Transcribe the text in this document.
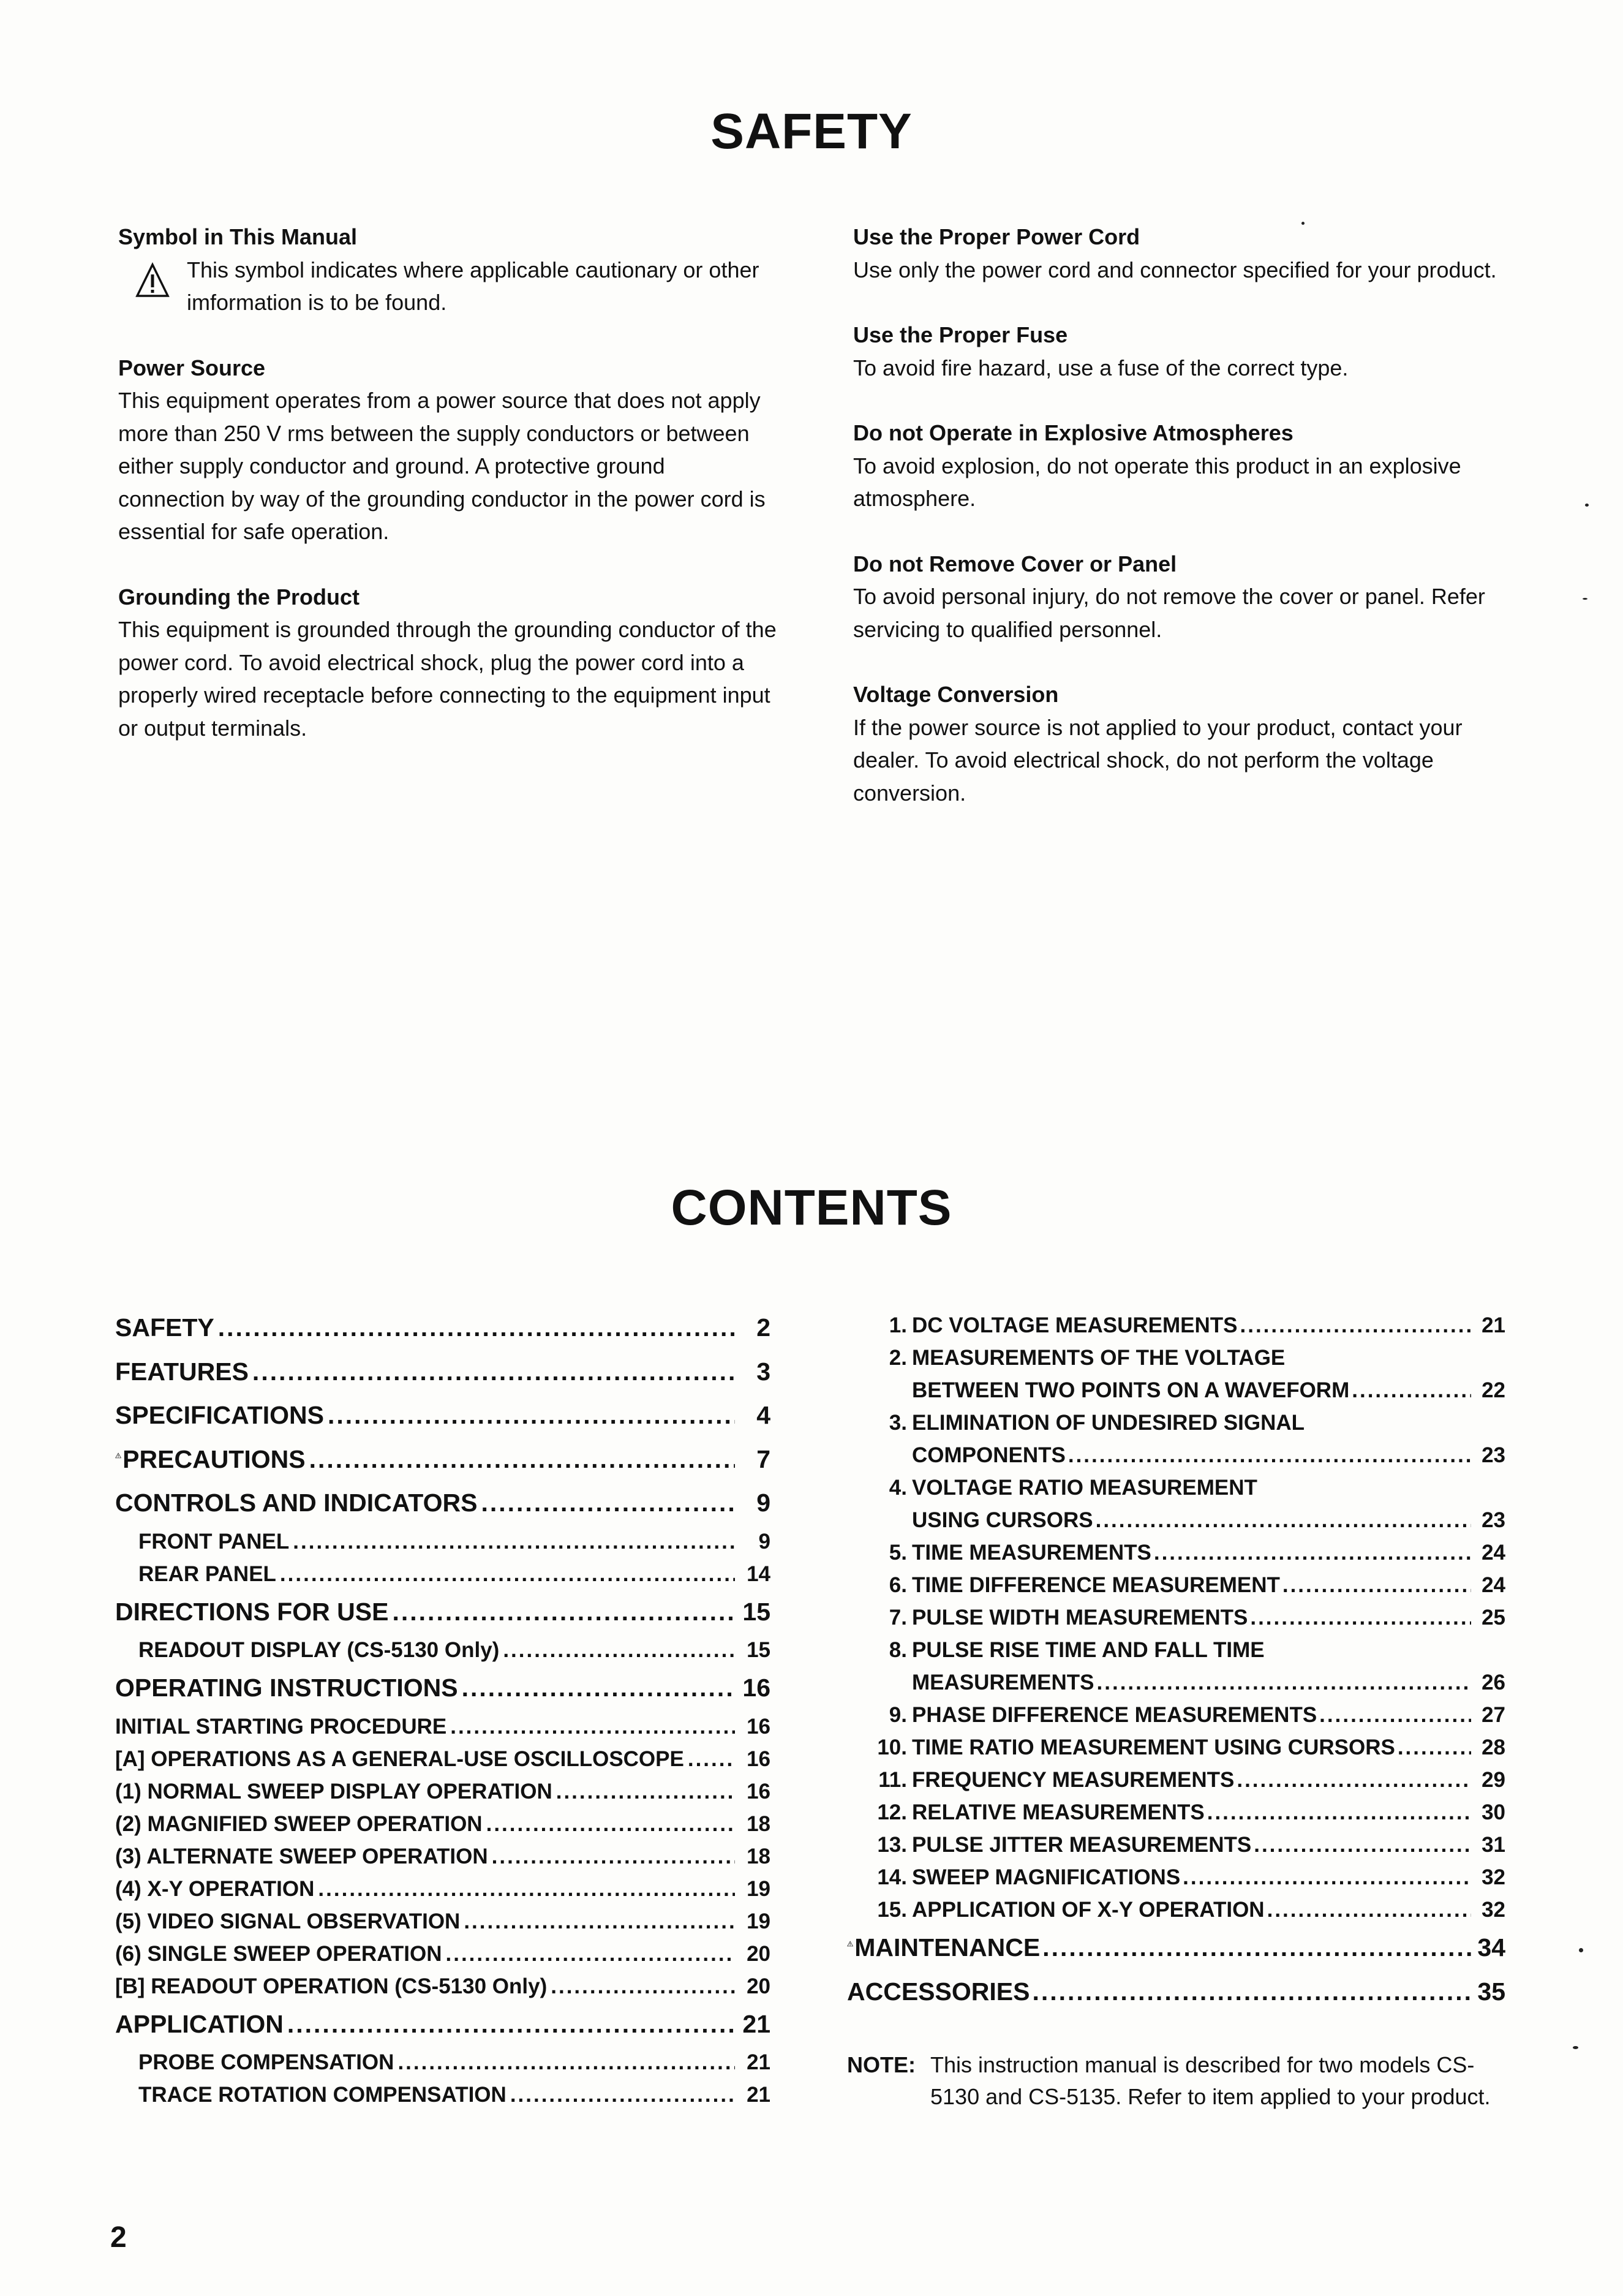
SAFETY
Symbol in This Manual

This symbol indicates where applicable cautionary or other imformation is to be found.

Power Source

This equipment operates from a power source that does not apply more than 250 V rms between the supply conductors or between either supply conductor and ground. A protective ground connection by way of the grounding conductor in the power cord is essential for safe operation.

Grounding the Product

This equipment is grounded through the grounding conductor of the power cord. To avoid electrical shock, plug the power cord into a properly wired receptacle before connecting to the equipment input or output terminals.

Use the Proper Power Cord

Use only the power cord and connector specified for your product.

Use the Proper Fuse

To avoid fire hazard, use a fuse of the correct type.

Do not Operate in Explosive Atmospheres

To avoid explosion, do not operate this product in an explosive atmosphere.

Do not Remove Cover or Panel

To avoid personal injury, do not remove the cover or panel. Refer servicing to qualified personnel.

Voltage Conversion

If the power source is not applied to your product, contact your dealer. To avoid electrical shock, do not perform the voltage conversion.

CONTENTS
SAFETY .....	2
FEATURES .....	3
SPECIFICATIONS .....	4
PRECAUTIONS .....	7
CONTROLS AND INDICATORS .....	9
FRONT PANEL .....	9
REAR PANEL .....	14
DIRECTIONS FOR USE .....	15
READOUT DISPLAY (CS-5130 Only) .....	15
OPERATING INSTRUCTIONS .....	16
INITIAL STARTING PROCEDURE .....	16
[A] OPERATIONS AS A GENERAL-USE OSCILLOSCOPE .....	16
(1) NORMAL SWEEP DISPLAY OPERATION .....	16
(2) MAGNIFIED SWEEP OPERATION .....	18
(3) ALTERNATE SWEEP OPERATION .....	18
(4) X-Y OPERATION .....	19
(5) VIDEO SIGNAL OBSERVATION .....	19
(6) SINGLE SWEEP OPERATION .....	20
[B] READOUT OPERATION (CS-5130 Only) .....	20
APPLICATION .....	21
PROBE COMPENSATION .....	21
TRACE ROTATION COMPENSATION .....	21
1. DC VOLTAGE MEASUREMENTS .....	21
2. MEASUREMENTS OF THE VOLTAGE
BETWEEN TWO POINTS ON A WAVEFORM .....	22
3. ELIMINATION OF UNDESIRED SIGNAL
COMPONENTS .....	23
4. VOLTAGE RATIO MEASUREMENT
USING CURSORS .....	23
5. TIME MEASUREMENTS .....	24
6. TIME DIFFERENCE MEASUREMENT .....	24
7. PULSE WIDTH MEASUREMENTS .....	25
8. PULSE RISE TIME AND FALL TIME
MEASUREMENTS .....	26
9. PHASE DIFFERENCE MEASUREMENTS .....	27
10. TIME RATIO MEASUREMENT USING CURSORS .....	28
11. FREQUENCY MEASUREMENTS .....	29
12. RELATIVE MEASUREMENTS .....	30
13. PULSE JITTER MEASUREMENTS .....	31
14. SWEEP MAGNIFICATIONS .....	32
15. APPLICATION OF X-Y OPERATION .....	32
MAINTENANCE .....	34
ACCESSORIES .....	35
NOTE: This instruction manual is described for two models CS-5130 and CS-5135. Refer to item applied to your product.
2
